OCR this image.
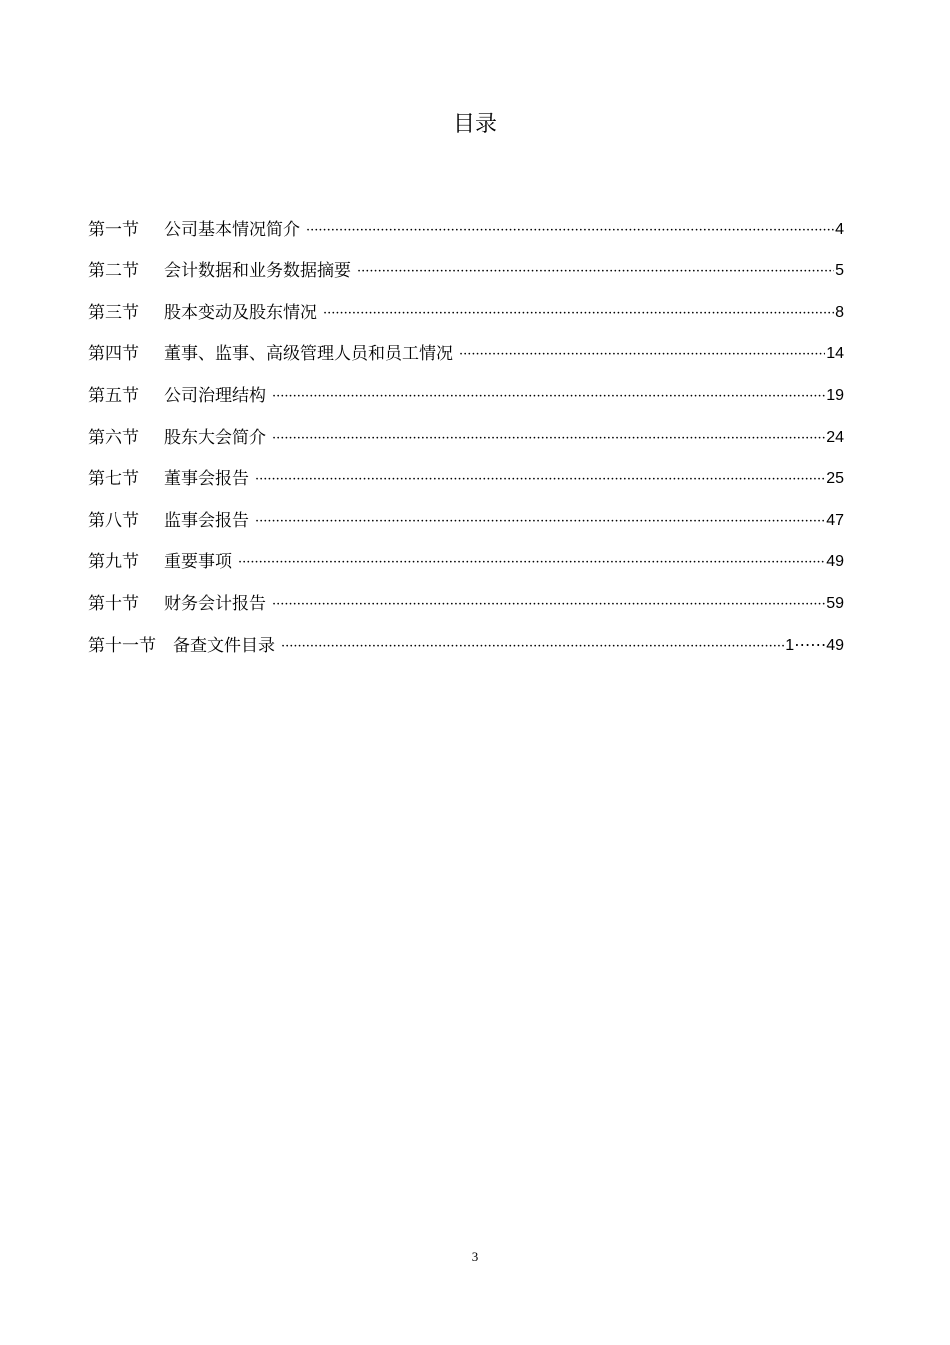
目录
第一节	公司基本情况简介 ·····	4
第二节	会计数据和业务数据摘要 ·····	5
第三节	股本变动及股东情况 ·····	8
第四节	董事、监事、高级管理人员和员工情况 ·····	14
第五节	公司治理结构 ·····	19
第六节	股东大会简介 ·····	24
第七节	董事会报告 ·····	25
第八节	监事会报告 ·····	47
第九节	重要事项 ·····	49
第十节	财务会计报告 ·····	59
第十一节	备查文件目录 ·····	1⋯⋯49
3
